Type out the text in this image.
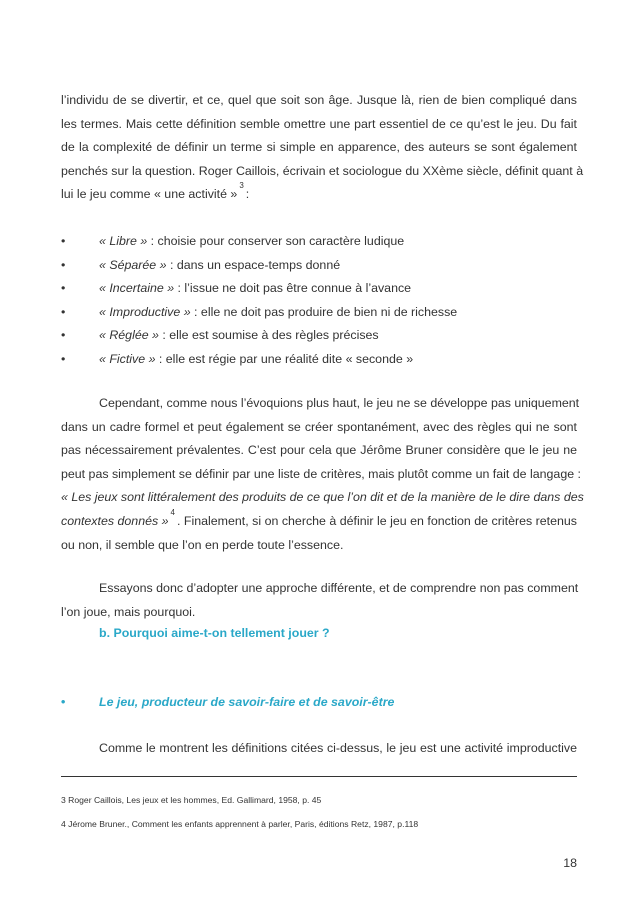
l’individu de se divertir, et ce, quel que soit son âge. Jusque là, rien de bien compliqué dans
les termes. Mais cette définition semble omettre une part essentiel de ce qu’est le jeu. Du fait
de la complexité de définir un terme si simple en apparence, des auteurs se sont également
penchés sur la question. Roger Caillois, écrivain et sociologue du XXème siècle, définit quant à
lui le jeu comme « une activité »$^3$:
•	« Libre » : choisie pour conserver son caractère ludique
•	« Séparée » : dans un espace-temps donné
•	« Incertaine » : l’issue ne doit pas être connue à l’avance
•	« Improductive » : elle ne doit pas produire de bien ni de richesse
•	« Réglée » : elle est soumise à des règles précises
•	« Fictive » : elle est régie par une réalité dite « seconde »
Cependant, comme nous l’évoquions plus haut, le jeu ne se développe pas uniquement
dans un cadre formel et peut également se créer spontanément, avec des règles qui ne sont
pas nécessairement prévalentes. C’est pour cela que Jérôme Bruner considère que le jeu ne
peut pas simplement se définir par une liste de critères, mais plutôt comme un fait de langage :
« Les jeux sont littéralement des produits de ce que l’on dit et de la manière de le dire dans des
contextes donnés »$^4$. Finalement, si on cherche à définir le jeu en fonction de critères retenus
ou non, il semble que l’on en perde toute l’essence.
Essayons donc d’adopter une approche différente, et de comprendre non pas comment
l’on joue, mais pourquoi.
b. Pourquoi aime-t-on tellement jouer ?
•	Le jeu, producteur de savoir-faire et de savoir-être
Comme le montrent les définitions citées ci-dessus, le jeu est une activité improductive
3 Roger Caillois, Les jeux et les hommes, Ed. Gallimard, 1958, p. 45
4 Jérome Bruner., Comment les enfants apprennent à parler, Paris, éditions Retz, 1987, p.118
18
